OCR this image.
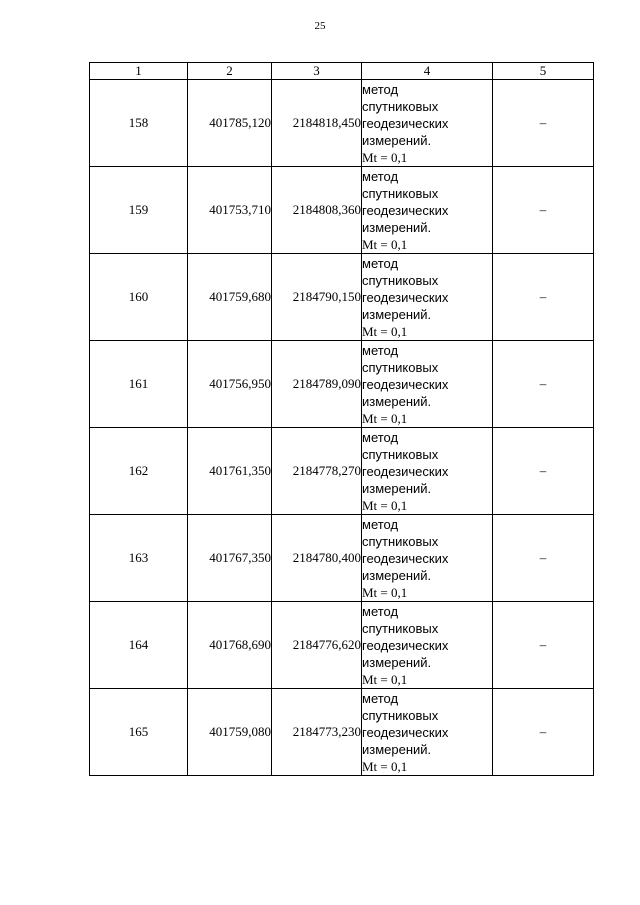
25
1	2	3	4	5
158	401785,120	2184818,450	метод
спутниковых
геодезических
измерений.
Mt = 0,1	–
159	401753,710	2184808,360	метод
спутниковых
геодезических
измерений.
Mt = 0,1	–
160	401759,680	2184790,150	метод
спутниковых
геодезических
измерений.
Mt = 0,1	–
161	401756,950	2184789,090	метод
спутниковых
геодезических
измерений.
Mt = 0,1	–
162	401761,350	2184778,270	метод
спутниковых
геодезических
измерений.
Mt = 0,1	–
163	401767,350	2184780,400	метод
спутниковых
геодезических
измерений.
Mt = 0,1	–
164	401768,690	2184776,620	метод
спутниковых
геодезических
измерений.
Mt = 0,1	–
165	401759,080	2184773,230	метод
спутниковых
геодезических
измерений.
Mt = 0,1	–
